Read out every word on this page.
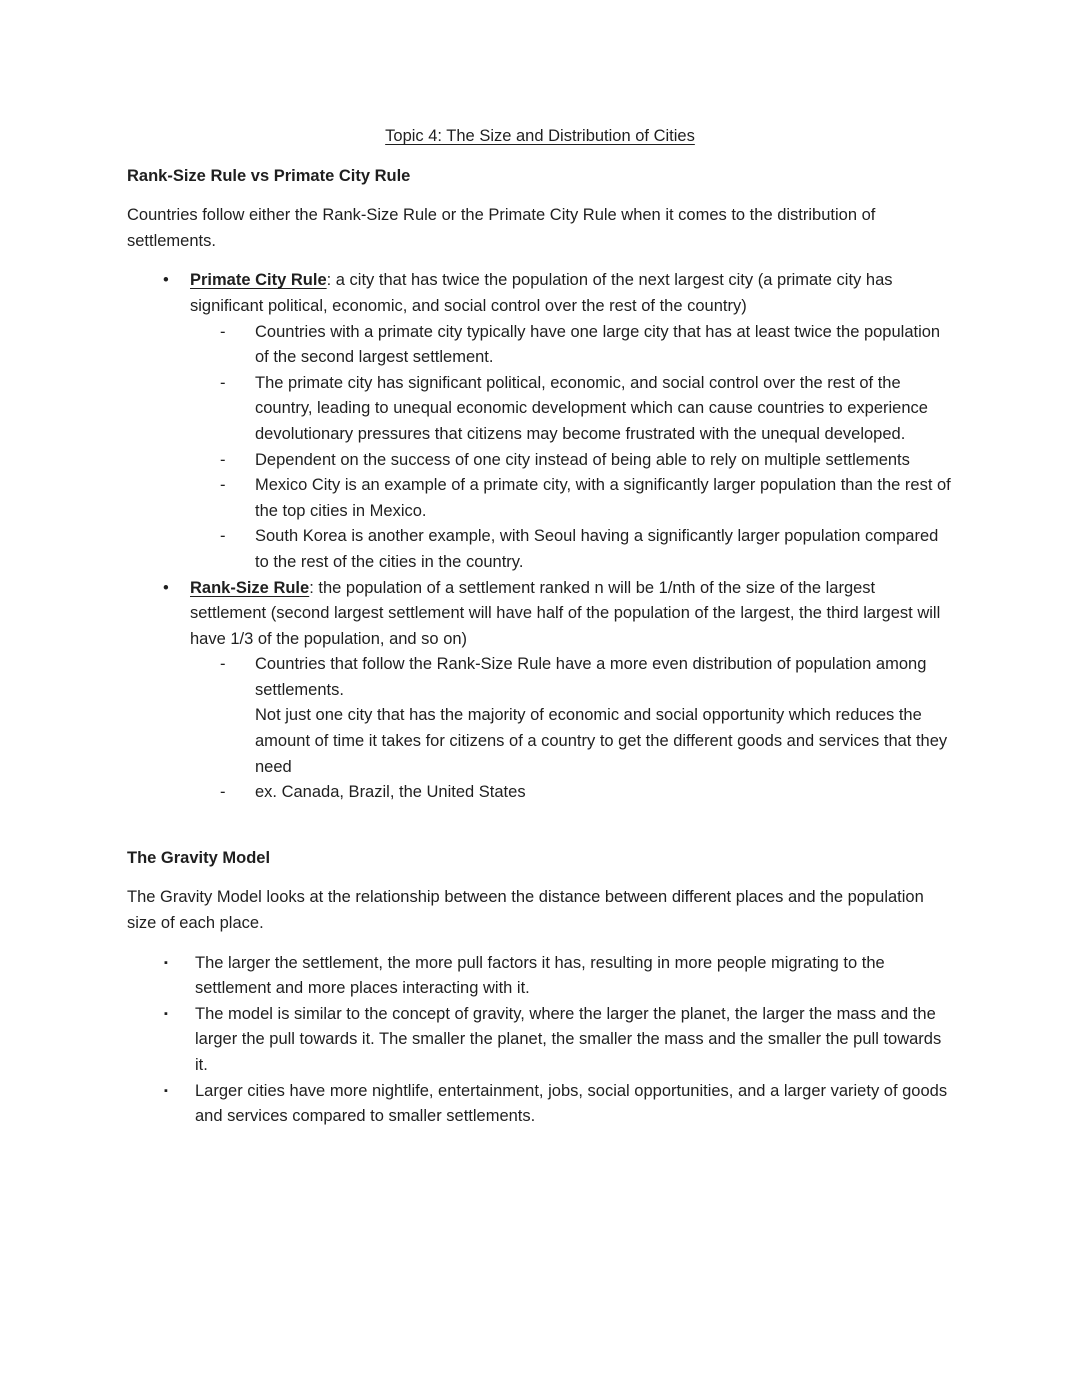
Topic 4: The Size and Distribution of Cities
Rank-Size Rule vs Primate City Rule

Countries follow either the Rank-Size Rule or the Primate City Rule when it comes to the distribution of settlements.

•	Primate City Rule: a city that has twice the population of the next largest city (a primate city has significant political, economic, and social control over the rest of the country)
-	Countries with a primate city typically have one large city that has at least twice the population of the second largest settlement.
-	The primate city has significant political, economic, and social control over the rest of the country, leading to unequal economic development which can cause countries to experience devolutionary pressures that citizens may become frustrated with the unequal developed.
-	Dependent on the success of one city instead of being able to rely on multiple settlements
-	Mexico City is an example of a primate city, with a significantly larger population than the rest of the top cities in Mexico.
-	South Korea is another example, with Seoul having a significantly larger population compared to the rest of the cities in the country.
•	Rank-Size Rule: the population of a settlement ranked n will be 1/nth of the size of the largest settlement (second largest settlement will have half of the population of the largest, the third largest will have 1/3 of the population, and so on)
-	Countries that follow the Rank-Size Rule have a more even distribution of population among settlements.
Not just one city that has the majority of economic and social opportunity which reduces the amount of time it takes for citizens of a country to get the different goods and services that they need
-	ex. Canada, Brazil, the United States
The Gravity Model

The Gravity Model looks at the relationship between the distance between different places and the population size of each place.

▪	The larger the settlement, the more pull factors it has, resulting in more people migrating to the settlement and more places interacting with it.
▪	The model is similar to the concept of gravity, where the larger the planet, the larger the mass and the larger the pull towards it. The smaller the planet, the smaller the mass and the smaller the pull towards it.
▪	Larger cities have more nightlife, entertainment, jobs, social opportunities, and a larger variety of goods and services compared to smaller settlements.
